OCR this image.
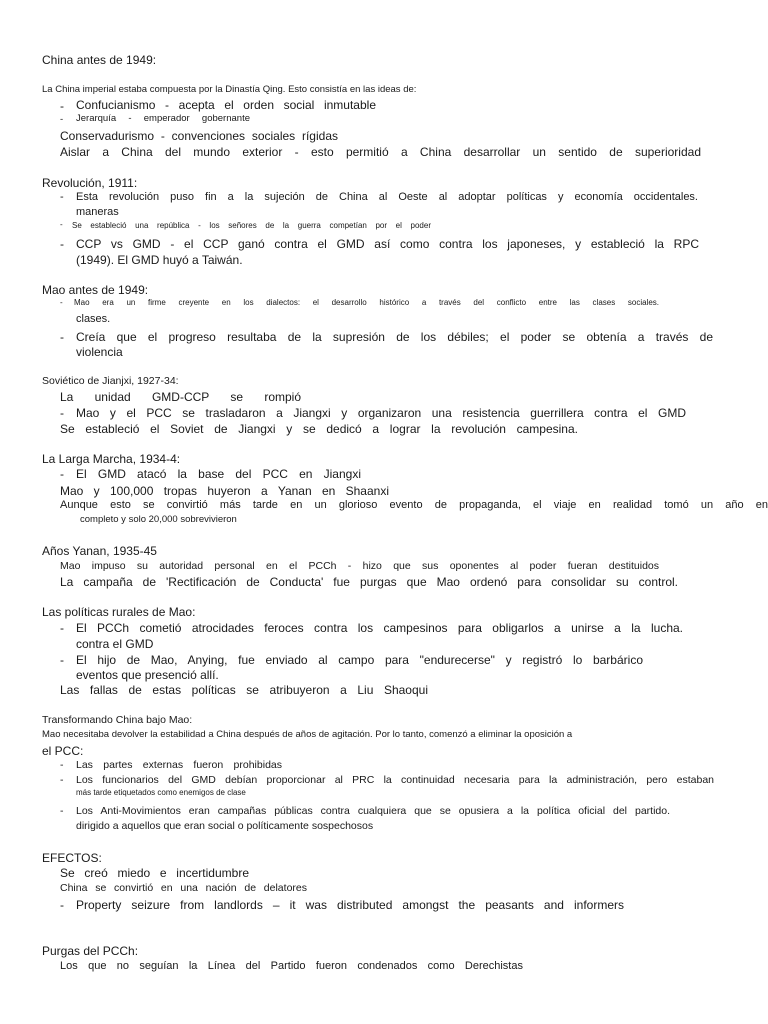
China antes de 1949:
La China imperial estaba compuesta por la Dinastía Qing. Esto consistía en las ideas de:
- Confucianismo - acepta el orden social inmutable
- Jerarquía - emperador gobernante
Conservadurismo - convenciones sociales rígidas
Aislar a China del mundo exterior - esto permitió a China desarrollar un sentido de superioridad
Revolución, 1911:
- Esta revolución puso fin a la sujeción de China al Oeste al adoptar políticas y economía occidentales.
maneras
- Se estableció una república - los señores de la guerra competían por el poder
- CCP vs GMD - el CCP ganó contra el GMD así como contra los japoneses, y estableció la RPC
(1949). El GMD huyó a Taiwán.
Mao antes de 1949:
- Mao era un firme creyente en los dialectos: el desarrollo histórico a través del conflicto entre las clases sociales.
clases.
- Creía que el progreso resultaba de la supresión de los débiles; el poder se obtenía a través de
violencia
Soviético de Jianjxi, 1927-34:
La unidad GMD-CCP se rompió
- Mao y el PCC se trasladaron a Jiangxi y organizaron una resistencia guerrillera contra el GMD
Se estableció el Soviet de Jiangxi y se dedicó a lograr la revolución campesina.
La Larga Marcha, 1934-4:
- El GMD atacó la base del PCC en Jiangxi
Mao y 100,000 tropas huyeron a Yanan en Shaanxi
Aunque esto se convirtió más tarde en un glorioso evento de propaganda, el viaje en realidad tomó un año en
completo y solo 20,000 sobrevivieron
Años Yanan, 1935-45
Mao impuso su autoridad personal en el PCCh - hizo que sus oponentes al poder fueran destituidos
La campaña de 'Rectificación de Conducta' fue purgas que Mao ordenó para consolidar su control.
Las políticas rurales de Mao:
- El PCCh cometió atrocidades feroces contra los campesinos para obligarlos a unirse a la lucha.
contra el GMD
- El hijo de Mao, Anying, fue enviado al campo para "endurecerse" y registró lo barbárico
eventos que presenció allí.
Las fallas de estas políticas se atribuyeron a Liu Shaoqui
Transformando China bajo Mao:
Mao necesitaba devolver la estabilidad a China después de años de agitación. Por lo tanto, comenzó a eliminar la oposición a
el PCC:
- Las partes externas fueron prohibidas
- Los funcionarios del GMD debían proporcionar al PRC la continuidad necesaria para la administración, pero estaban
más tarde etiquetados como enemigos de clase
- Los Anti-Movimientos eran campañas públicas contra cualquiera que se opusiera a la política oficial del partido.
dirigido a aquellos que eran social o políticamente sospechosos
EFECTOS:
Se creó miedo e incertidumbre
China se convirtió en una nación de delatores
- Property seizure from landlords – it was distributed amongst the peasants and informers
Purgas del PCCh:
Los que no seguían la Línea del Partido fueron condenados como Derechistas
